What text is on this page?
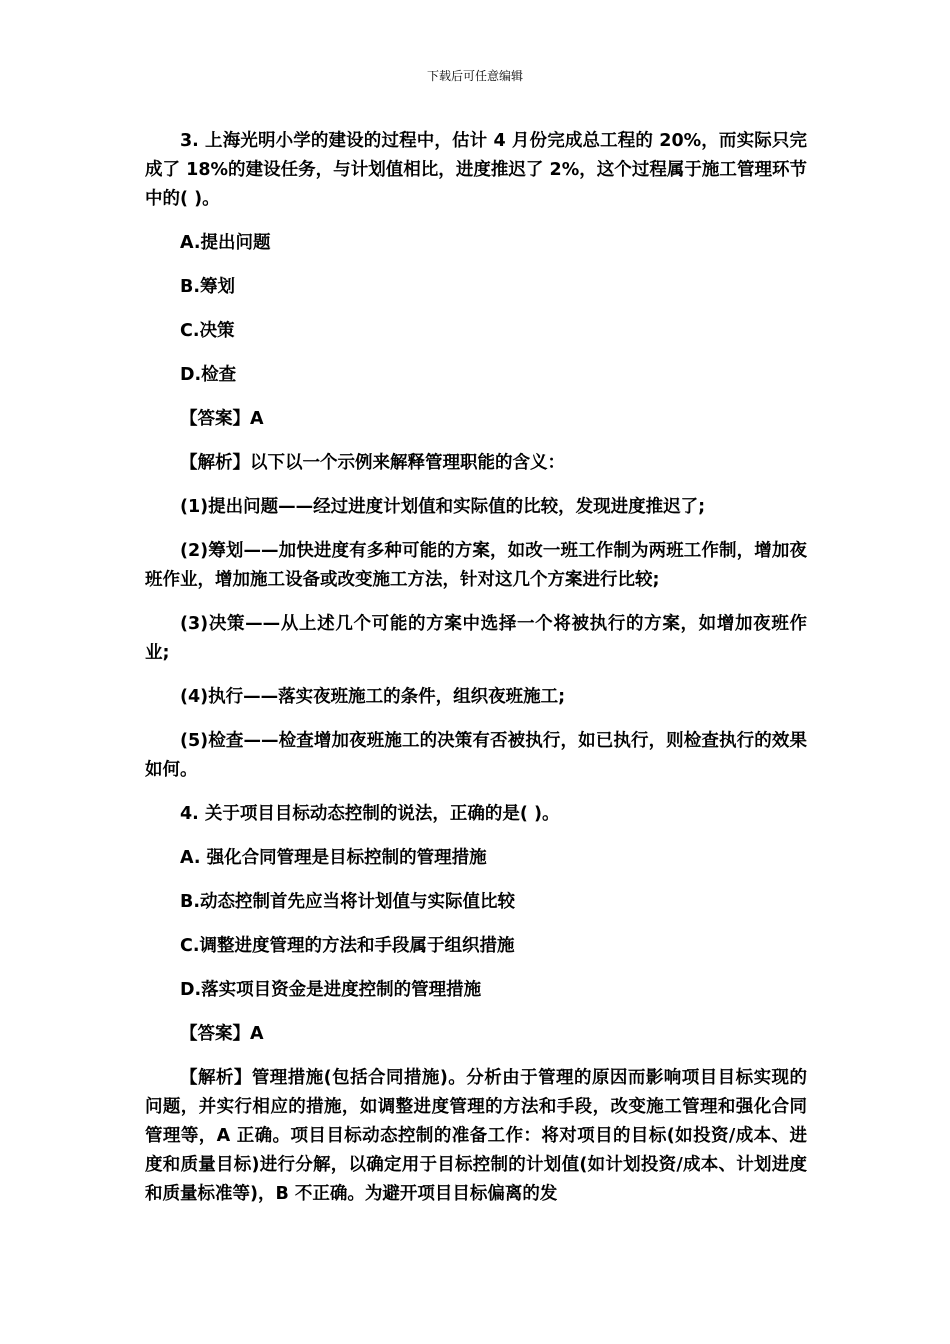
下载后可任意编辑

3. 上海光明小学的建设的过程中，估计 4 月份完成总工程的 20%，而实际只完成了 18%的建设任务，与计划值相比，进度推迟了 2%，这个过程属于施工管理环节中的( )。

A.提出问题

B.筹划

C.决策

D.检查

【答案】A

【解析】以下以一个示例来解释管理职能的含义：

(1)提出问题——经过进度计划值和实际值的比较，发现进度推迟了;

(2)筹划——加快进度有多种可能的方案，如改一班工作制为两班工作制，增加夜班作业，增加施工设备或改变施工方法，针对这几个方案进行比较;

(3)决策——从上述几个可能的方案中选择一个将被执行的方案，如增加夜班作业;

(4)执行——落实夜班施工的条件，组织夜班施工;

(5)检查——检查增加夜班施工的决策有否被执行，如已执行，则检查执行的效果如何。

4. 关于项目目标动态控制的说法，正确的是( )。

A. 强化合同管理是目标控制的管理措施

B.动态控制首先应当将计划值与实际值比较

C.调整进度管理的方法和手段属于组织措施

D.落实项目资金是进度控制的管理措施

【答案】A

【解析】管理措施(包括合同措施)。分析由于管理的原因而影响项目目标实现的问题，并实行相应的措施，如调整进度管理的方法和手段，改变施工管理和强化合同管理等，A 正确。项目目标动态控制的准备工作：将对项目的目标(如投资/成本、进度和质量目标)进行分解，以确定用于目标控制的计划值(如计划投资/成本、计划进度和质量标准等)，B 不正确。为避开项目目标偏离的发
